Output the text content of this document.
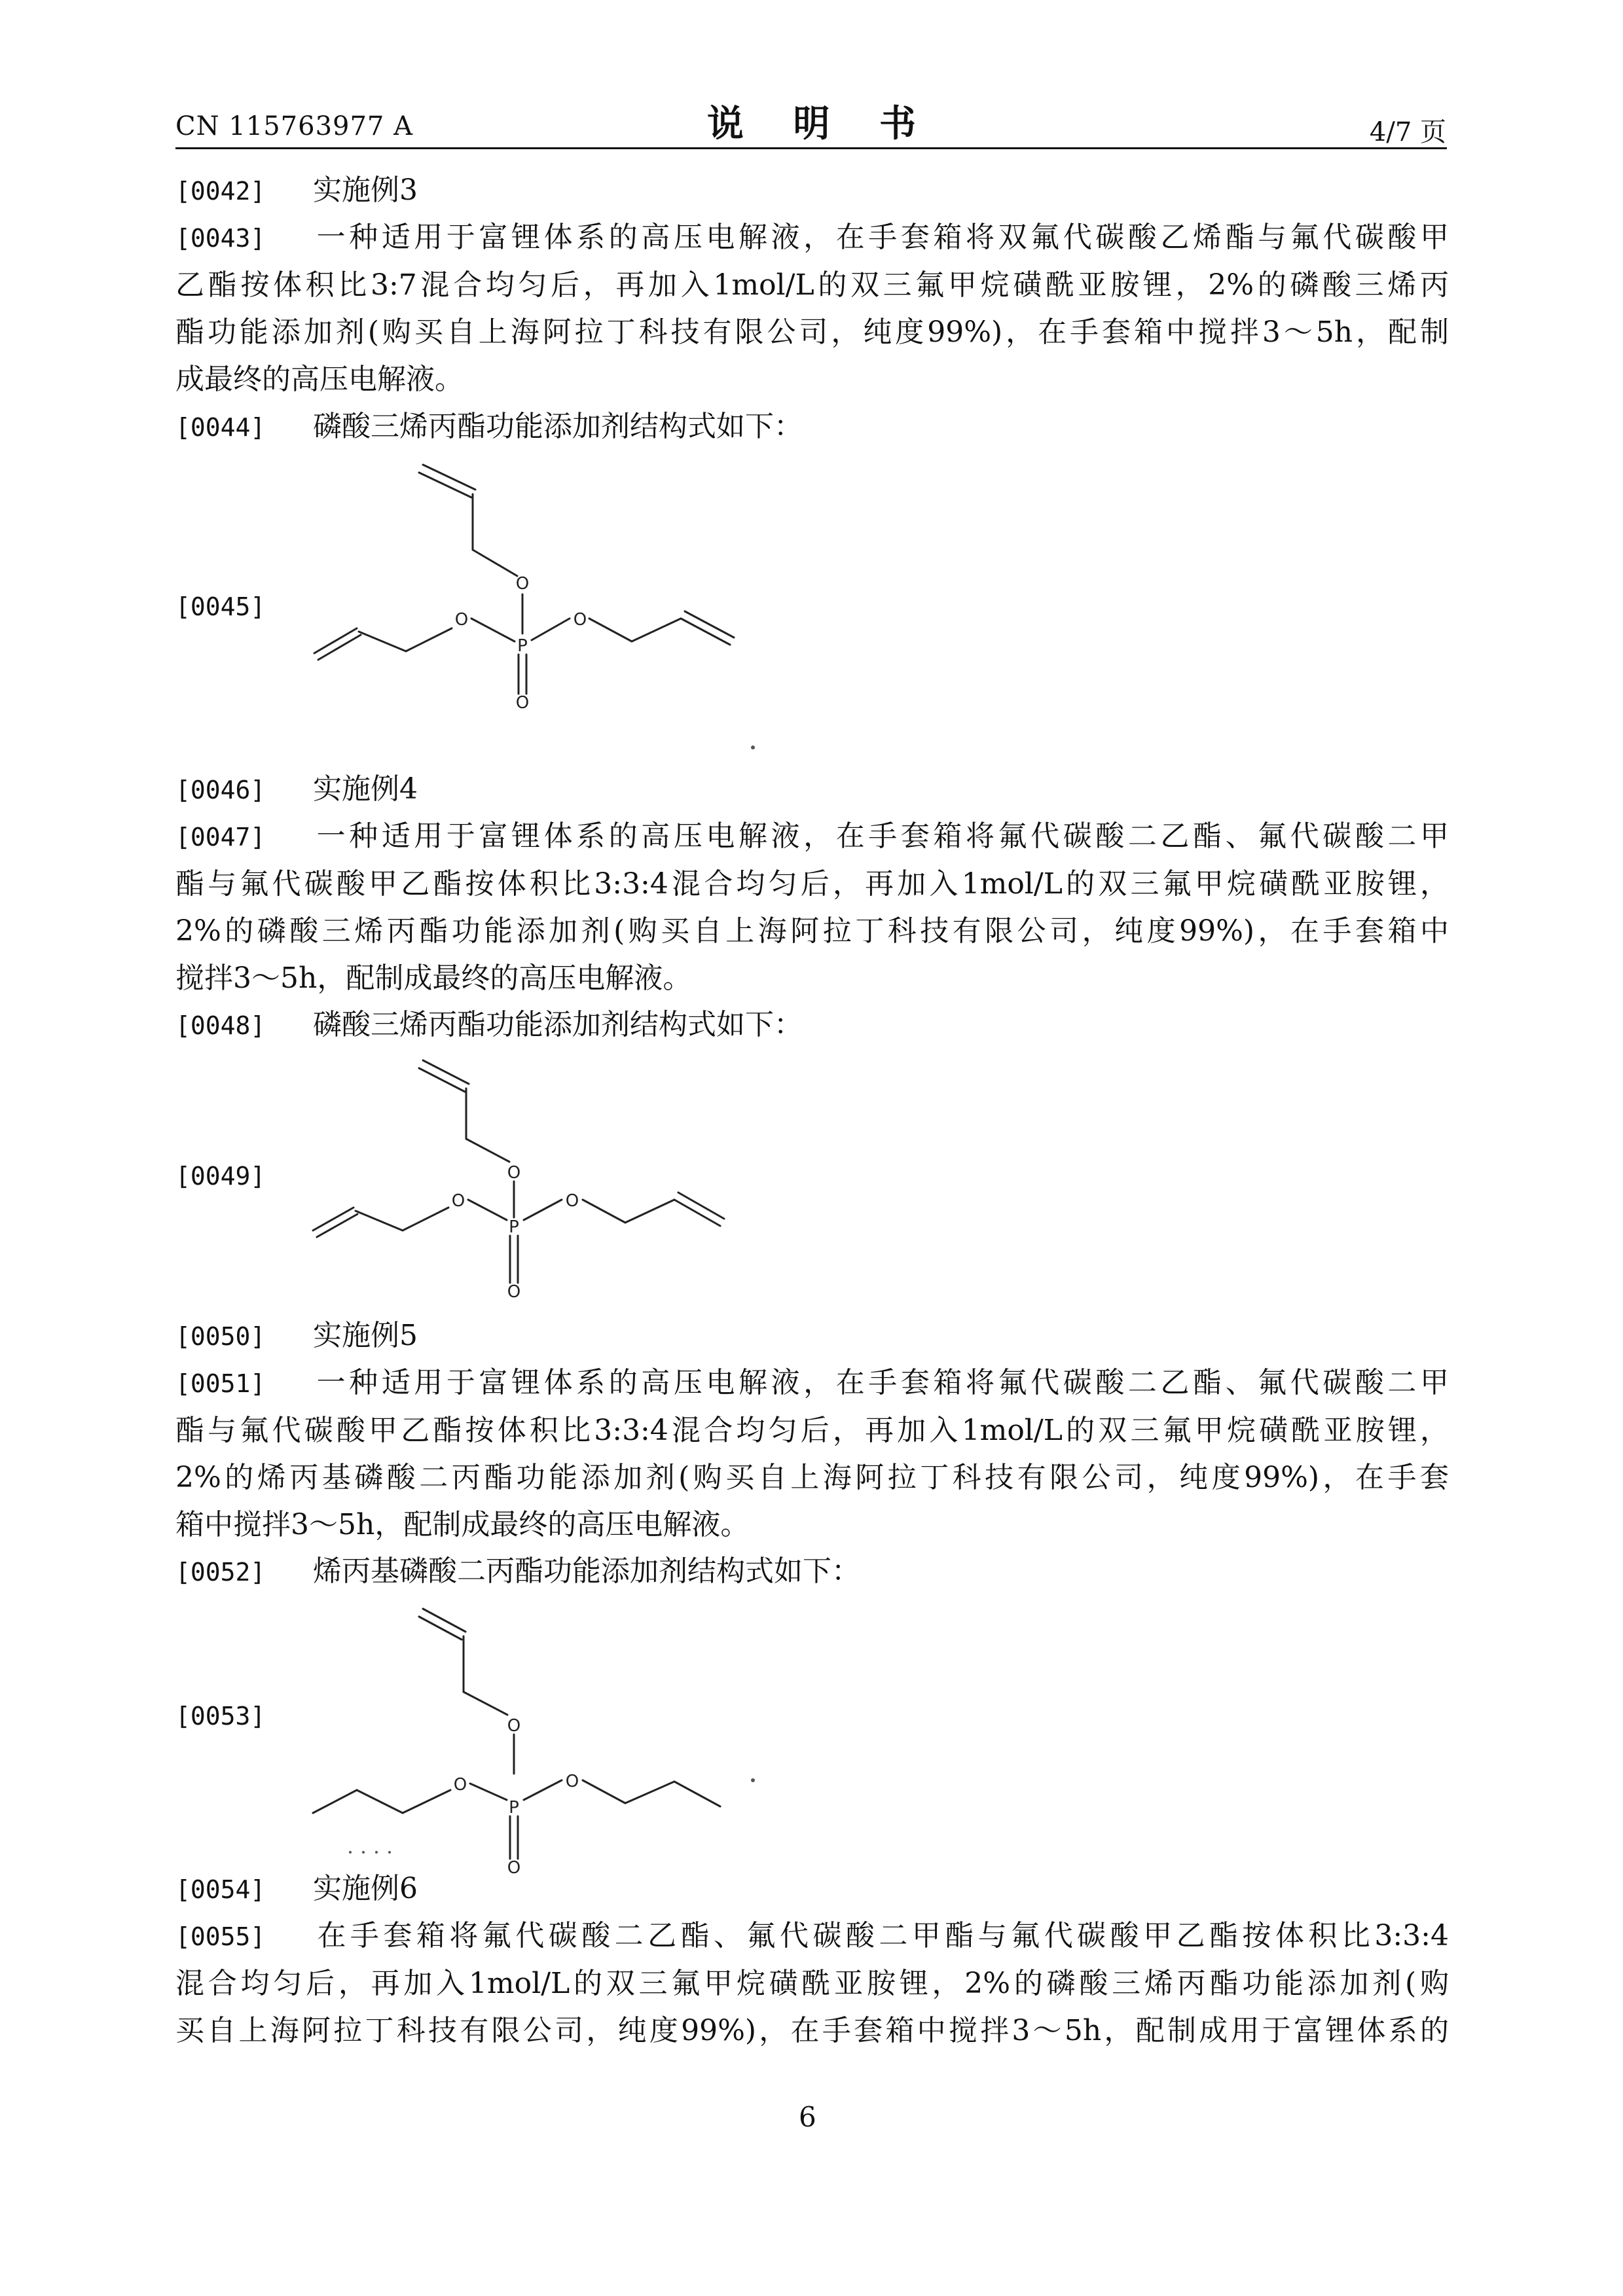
CN 115763977 A	说 明 书	4/7 页
[0042] 实施例3
[0043] 一种适用于富锂体系的高压电解液，在手套箱将双氟代碳酸乙烯酯与氟代碳酸甲
乙酯按体积比3:7混合均匀后，再加入1mol/L的双三氟甲烷磺酰亚胺锂，2%的磷酸三烯丙
酯功能添加剂(购买自上海阿拉丁科技有限公司，纯度99%)，在手套箱中搅拌3～5h，配制
成最终的高压电解液。
[0044] 磷酸三烯丙酯功能添加剂结构式如下：
[0045]
[0046] 实施例4
[0047] 一种适用于富锂体系的高压电解液，在手套箱将氟代碳酸二乙酯、氟代碳酸二甲
酯与氟代碳酸甲乙酯按体积比3:3:4混合均匀后，再加入1mol/L的双三氟甲烷磺酰亚胺锂，
2%的磷酸三烯丙酯功能添加剂(购买自上海阿拉丁科技有限公司，纯度99%)，在手套箱中
搅拌3～5h，配制成最终的高压电解液。
[0048] 磷酸三烯丙酯功能添加剂结构式如下：
[0049]
[0050] 实施例5
[0051] 一种适用于富锂体系的高压电解液，在手套箱将氟代碳酸二乙酯、氟代碳酸二甲
酯与氟代碳酸甲乙酯按体积比3:3:4混合均匀后，再加入1mol/L的双三氟甲烷磺酰亚胺锂，
2%的烯丙基磷酸二丙酯功能添加剂(购买自上海阿拉丁科技有限公司，纯度99%)，在手套
箱中搅拌3～5h，配制成最终的高压电解液。
[0052] 烯丙基磷酸二丙酯功能添加剂结构式如下：
[0053]
[0054] 实施例6
[0055] 在手套箱将氟代碳酸二乙酯、氟代碳酸二甲酯与氟代碳酸甲乙酯按体积比3:3:4
混合均匀后，再加入1mol/L的双三氟甲烷磺酰亚胺锂，2%的磷酸三烯丙酯功能添加剂(购
买自上海阿拉丁科技有限公司，纯度99%)，在手套箱中搅拌3～5h，配制成用于富锂体系的
O
O	O
P
O
O
O	O
P
O
O
O	O
P
O
6
